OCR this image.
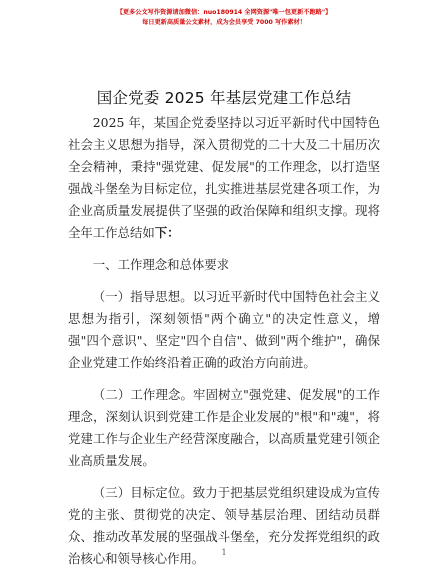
【更多公文写作资源请加微信：nuo180914 全网资源"唯一包更新不跑路"】
每日更新高质量公文素材，成为会员享受 7000 写作素材！
国企党委 2025 年基层党建工作总结

2025 年，某国企党委坚持以习近平新时代中国特色社会主义思想为指导，深入贯彻党的二十大及二十届历次全会精神，秉持"强党建、促发展"的工作理念，以打造坚强战斗堡垒为目标定位，扎实推进基层党建各项工作，为企业高质量发展提供了坚强的政治保障和组织支撑。现将全年工作总结如下：

一、工作理念和总体要求

（一）指导思想。以习近平新时代中国特色社会主义思想为指引，深刻领悟"两个确立"的决定性意义，增强"四个意识"、坚定"四个自信"、做到"两个维护"，确保企业党建工作始终沿着正确的政治方向前进。

（二）工作理念。牢固树立"强党建、促发展"的工作理念，深刻认识到党建工作是企业发展的"根"和"魂"，将党建工作与企业生产经营深度融合，以高质量党建引领企业高质量发展。

（三）目标定位。致力于把基层党组织建设成为宣传党的主张、贯彻党的决定、领导基层治理、团结动员群众、推动改革发展的坚强战斗堡垒，充分发挥党组织的政治核心和领导核心作用。	1
